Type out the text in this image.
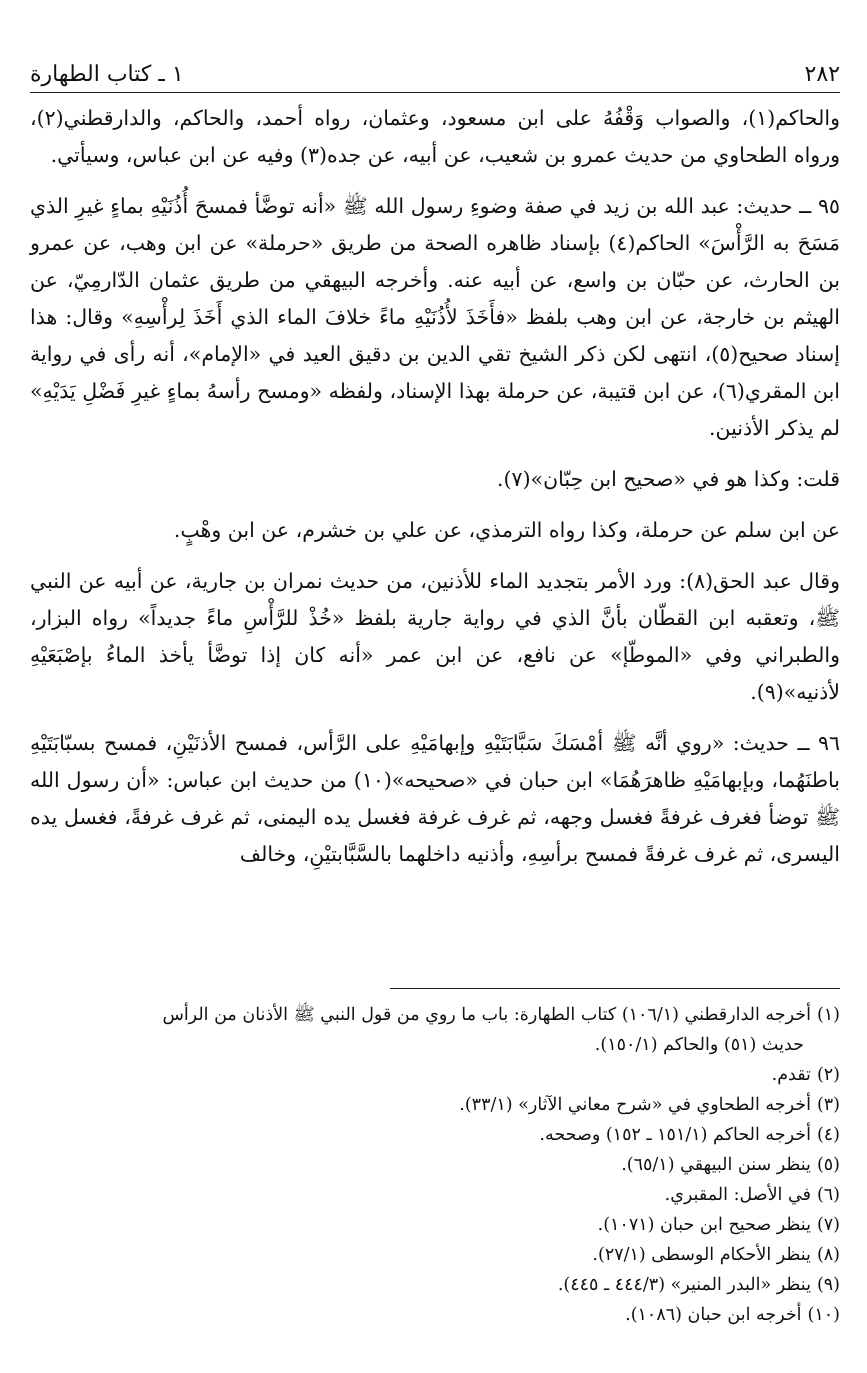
٢٨٢
١ ـ كتاب الطهارة

والحاكم(١)، والصواب وَقْفُهُ على ابن مسعود، وعثمان، رواه أحمد، والحاكم، والدارقطني(٢)، ورواه الطحاوي من حديث عمرو بن شعيب، عن أبيه، عن جده(٣) وفيه عن ابن عباس، وسيأتي.

٩٥ ــ حديث: عبد الله بن زيد في صفة وضوءِ رسول الله ﷺ «أنه توضَّأ فمسحَ أُذُنَيْهِ بماءٍ غيرِ الذي مَسَحَ به الرَّأْسَ» الحاكم(٤) بإسناد ظاهره الصحة من طريق «حرملة» عن ابن وهب، عن عمرو بن الحارث، عن حبّان بن واسع، عن أبيه عنه. وأخرجه البيهقي من طريق عثمان الدّارمِيّ، عن الهيثم بن خارجة، عن ابن وهب بلفظ «فأَخَذَ لأُذُنَيْهِ ماءً خلافَ الماء الذي أَخَذَ لِرأْسِهِ» وقال: هذا إسناد صحيح(٥)، انتهى لكن ذكر الشيخ تقي الدين بن دقيق العيد في «الإمام»، أنه رأى في رواية ابن المقري(٦)، عن ابن قتيبة، عن حرملة بهذا الإسناد، ولفظه «ومسح رأسهُ بماءٍ غيرِ فَضْلِ يَدَيْهِ» لم يذكر الأذنين.

قلت: وكذا هو في «صحيح ابن حِبّان»(٧).

عن ابن سلم عن حرملة، وكذا رواه الترمذي، عن علي بن خشرم، عن ابن وهْبٍ.

وقال عبد الحق(٨): ورد الأمر بتجديد الماء للأذنين، من حديث نمران بن جارية، عن أبيه عن النبي ﷺ، وتعقبه ابن القطّان بأنَّ الذي في رواية جارية بلفظ «خُذْ للرَّأْسِ ماءً جديداً» رواه البزار، والطبراني وفي «الموطّإ» عن نافع، عن ابن عمر «أنه كان إذا توضَّأ يأخذ الماءُ بإصْبَعَيْهِ لأذنيه»(٩).

٩٦ ــ حديث: «روي أنَّه ﷺ أمْسَكَ سَبَّابَتَيْهِ وإبهامَيْهِ على الرَّأس، فمسح الأذنَيْنِ، فمسح بسبّابَتَيْهِ باطنَهُما، وبإبهامَيْهِ ظاهرَهُمَا» ابن حبان في «صحيحه»(١٠) من حديث ابن عباس: «أن رسول الله ﷺ توضأ فغرف غرفةً فغسل وجهه، ثم غرف غرفة فغسل يده اليمنى، ثم غرف غرفةً، فغسل يده اليسرى، ثم غرف غرفةً فمسح برأسِهِ، وأذنيه داخلهما بالسَّبَّابتيْنِ، وخالف

(١)أخرجه الدارقطني (١٠٦/١) كتاب الطهارة: باب ما روي من قول النبي ﷺ الأذنان من الرأس

حديث (٥١) والحاكم (١٥٠/١).

(٢)تقدم.

(٣)أخرجه الطحاوي في «شرح معاني الآثار» (٣٣/١).

(٤)أخرجه الحاكم (١٥١/١ ـ ١٥٢) وصححه.

(٥)ينظر سنن البيهقي (٦٥/١).

(٦)في الأصل: المقبري.

(٧)ينظر صحيح ابن حبان (١٠٧١).

(٨)ينظر الأحكام الوسطى (٢٧/١).

(٩)ينظر «البدر المنير» (٤٤٤/٣ ـ ٤٤٥).

(١٠)أخرجه ابن حبان (١٠٨٦).
